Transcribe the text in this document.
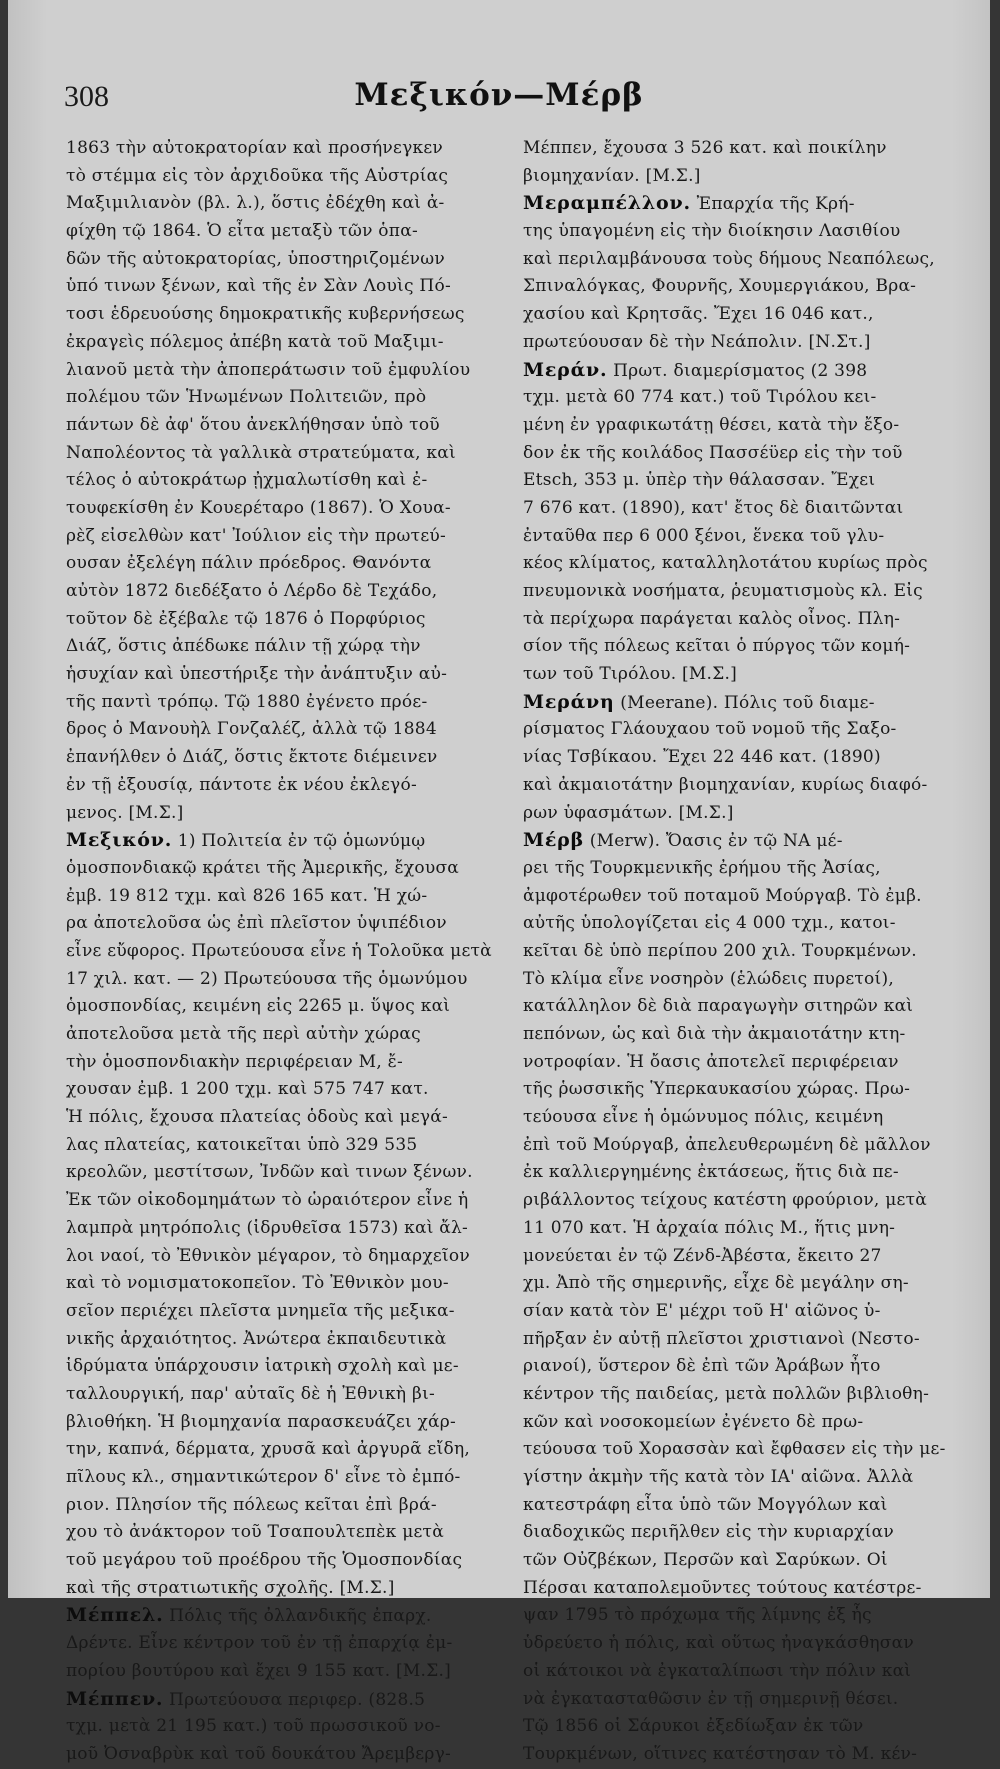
308	Μεξικόν—Μέρβ
1863 τὴν αὐτοκρατορίαν καὶ προσήνεγκεν
τὸ στέμμα εἰς τὸν ἀρχιδοῦκα τῆς Αὐστρίας
Μαξιμιλιανὸν (βλ. λ.), ὅστις ἐδέχθη καὶ ἀ-
φίχθη τῷ 1864. Ὁ εἶτα μεταξὺ τῶν ὁπα-
δῶν τῆς αὐτοκρατορίας, ὑποστηριζομένων
ὑπό τινων ξένων, καὶ τῆς ἐν Σὰν Λουὶς Πό-
τοσι ἑδρευούσης δημοκρατικῆς κυβερνήσεως
ἐκραγεὶς πόλεμος ἀπέβη κατὰ τοῦ Μαξιμι-
λιανοῦ μετὰ τὴν ἀποπεράτωσιν τοῦ ἐμφυλίου
πολέμου τῶν Ἡνωμένων Πολιτειῶν, πρὸ
πάντων δὲ ἀφ' ὅτου ἀνεκλήθησαν ὑπὸ τοῦ
Ναπολέοντος τὰ γαλλικὰ στρατεύματα, καὶ
τέλος ὁ αὐτοκράτωρ ᾐχμαλωτίσθη καὶ ἐ-
τουφεκίσθη ἐν Κουερέταρο (1867). Ὁ Χουα-
ρὲζ εἰσελθὼν κατ' Ἰούλιον εἰς τὴν πρωτεύ-
ουσαν ἐξελέγη πάλιν πρόεδρος. Θανόντα
αὐτὸν 1872 διεδέξατο ὁ Λέρδο δὲ Τεχάδο,
τοῦτον δὲ ἐξέβαλε τῷ 1876 ὁ Πορφύριος
Διάζ, ὅστις ἀπέδωκε πάλιν τῇ χώρᾳ τὴν
ἡσυχίαν καὶ ὑπεστήριξε τὴν ἀνάπτυξιν αὐ-
τῆς παντὶ τρόπῳ. Τῷ 1880 ἐγένετο πρόε-
δρος ὁ Μανουὴλ Γονζαλέζ, ἀλλὰ τῷ 1884
ἐπανήλθεν ὁ Διάζ, ὅστις ἔκτοτε διέμεινεν
ἐν τῇ ἐξουσίᾳ, πάντοτε ἐκ νέου ἐκλεγό-
μενος. [Μ.Σ.]
Μεξικόν. 1) Πολιτεία ἐν τῷ ὁμωνύμῳ
ὁμοσπονδιακῷ κράτει τῆς Ἀμερικῆς, ἔχουσα
ἐμβ. 19 812 τχμ. καὶ 826 165 κατ. Ἡ χώ-
ρα ἀποτελοῦσα ὡς ἐπὶ πλεῖστον ὑψιπέδιον
εἶνε εὔφορος. Πρωτεύουσα εἶνε ἡ Τολοῦκα μετὰ
17 χιλ. κατ. — 2) Πρωτεύουσα τῆς ὁμωνύμου
ὁμοσπονδίας, κειμένη εἰς 2265 μ. ὕψος καὶ
ἀποτελοῦσα μετὰ τῆς περὶ αὐτὴν χώρας
τὴν ὁμοσπονδιακὴν περιφέρειαν Μ, ἔ-
χουσαν ἐμβ. 1 200 τχμ. καὶ 575 747 κατ.
Ἡ πόλις, ἔχουσα πλατείας ὁδοὺς καὶ μεγά-
λας πλατείας, κατοικεῖται ὑπὸ 329 535
κρεολῶν, μεστίτσων, Ἰνδῶν καὶ τινων ξένων.
Ἐκ τῶν οἰκοδομημάτων τὸ ὡραιότερον εἶνε ἡ
λαμπρὰ μητρόπολις (ἱδρυθεῖσα 1573) καὶ ἄλ-
λοι ναοί, τὸ Ἐθνικὸν μέγαρον, τὸ δημαρχεῖον
καὶ τὸ νομισματοκοπεῖον. Τὸ Ἐθνικὸν μου-
σεῖον περιέχει πλεῖστα μνημεῖα τῆς μεξικα-
νικῆς ἀρχαιότητος. Ἀνώτερα ἐκπαιδευτικὰ
ἱδρύματα ὑπάρχουσιν ἰατρικὴ σχολὴ καὶ με-
ταλλουργική, παρ' αὐταῖς δὲ ἡ Ἐθνικὴ βι-
βλιοθήκη. Ἡ βιομηχανία παρασκευάζει χάρ-
την, καπνά, δέρματα, χρυσᾶ καὶ ἀργυρᾶ εἴδη,
πῖλους κλ., σημαντικώτερον δ' εἶνε τὸ ἐμπό-
ριον. Πλησίον τῆς πόλεως κεῖται ἐπὶ βρά-
χου τὸ ἀνάκτορον τοῦ Τσαπουλτεπὲκ μετὰ
τοῦ μεγάρου τοῦ προέδρου τῆς Ὁμοσπονδίας
καὶ τῆς στρατιωτικῆς σχολῆς. [Μ.Σ.]
Μέππελ. Πόλις τῆς ὀλλανδικῆς ἐπαρχ.
Δρέντε. Εἶνε κέντρον τοῦ ἐν τῇ ἐπαρχίᾳ ἐμ-
πορίου βουτύρου καὶ ἔχει 9 155 κατ. [Μ.Σ.]
Μέππεν. Πρωτεύουσα περιφερ. (828.5
τχμ. μετὰ 21 195 κατ.) τοῦ πρωσσικοῦ νο-
μοῦ Ὀσναβρὺκ καὶ τοῦ δουκάτου Ἄρεμβεργ-
Μέππεν, ἔχουσα 3 526 κατ. καὶ ποικίλην
βιομηχανίαν. [Μ.Σ.]
Μεραμπέλλον. Ἐπαρχία τῆς Κρή-
της ὑπαγομένη εἰς τὴν διοίκησιν Λασιθίου
καὶ περιλαμβάνουσα τοὺς δήμους Νεαπόλεως,
Σπιναλόγκας, Φουρνῆς, Χουμεργιάκου, Βρα-
χασίου καὶ Κρητσᾶς. Ἔχει 16 046 κατ.,
πρωτεύουσαν δὲ τὴν Νεάπολιν. [Ν.Στ.]
Μεράν. Πρωτ. διαμερίσματος (2 398
τχμ. μετὰ 60 774 κατ.) τοῦ Τιρόλου κει-
μένη ἐν γραφικωτάτῃ θέσει, κατὰ τὴν ἔξο-
δον ἐκ τῆς κοιλάδος Πασσέϋερ εἰς τὴν τοῦ
Etsch, 353 μ. ὑπὲρ τὴν θάλασσαν. Ἔχει
7 676 κατ. (1890), κατ' ἔτος δὲ διαιτῶνται
ἐνταῦθα περ 6 000 ξένοι, ἕνεκα τοῦ γλυ-
κέος κλίματος, καταλληλοτάτου κυρίως πρὸς
πνευμονικὰ νοσήματα, ῥευματισμοὺς κλ. Εἰς
τὰ περίχωρα παράγεται καλὸς οἶνος. Πλη-
σίον τῆς πόλεως κεῖται ὁ πύργος τῶν κομή-
των τοῦ Τιρόλου. [Μ.Σ.]
Μεράνη (Meerane). Πόλις τοῦ διαμε-
ρίσματος Γλάουχαου τοῦ νομοῦ τῆς Σαξο-
νίας Τσβίκαου. Ἔχει 22 446 κατ. (1890)
καὶ ἀκμαιοτάτην βιομηχανίαν, κυρίως διαφό-
ρων ὑφασμάτων. [Μ.Σ.]
Μέρβ (Merw). Ὄασις ἐν τῷ ΝΑ μέ-
ρει τῆς Τουρκμενικῆς ἐρήμου τῆς Ἀσίας,
ἀμφοτέρωθεν τοῦ ποταμοῦ Μούργαβ. Τὸ ἐμβ.
αὐτῆς ὑπολογίζεται εἰς 4 000 τχμ., κατοι-
κεῖται δὲ ὑπὸ περίπου 200 χιλ. Τουρκμένων.
Τὸ κλίμα εἶνε νοσηρὸν (ἑλώδεις πυρετοί),
κατάλληλον δὲ διὰ παραγωγὴν σιτηρῶν καὶ
πεπόνων, ὡς καὶ διὰ τὴν ἀκμαιοτάτην κτη-
νοτροφίαν. Ἡ ὄασις ἀποτελεῖ περιφέρειαν
τῆς ῥωσσικῆς Ὑπερκαυκασίου χώρας. Πρω-
τεύουσα εἶνε ἡ ὁμώνυμος πόλις, κειμένη
ἐπὶ τοῦ Μούργαβ, ἀπελευθερωμένη δὲ μᾶλλον
ἐκ καλλιεργημένης ἐκτάσεως, ἥτις διὰ πε-
ριβάλλοντος τείχους κατέστη φρούριον, μετὰ
11 070 κατ. Ἡ ἀρχαία πόλις Μ., ἥτις μνη-
μονεύεται ἐν τῷ Ζένδ-Ἀβέστα, ἔκειτο 27
χμ. Ἀπὸ τῆς σημερινῆς, εἶχε δὲ μεγάλην ση-
σίαν κατὰ τὸν Ε' μέχρι τοῦ Η' αἰῶνος ὑ-
πῆρξαν ἐν αὐτῇ πλεῖστοι χριστιανοὶ (Νεστο-
ριανοί), ὕστερον δὲ ἐπὶ τῶν Ἀράβων ἦτο
κέντρον τῆς παιδείας, μετὰ πολλῶν βιβλιοθη-
κῶν καὶ νοσοκομείων ἐγένετο δὲ πρω-
τεύουσα τοῦ Χορασσὰν καὶ ἔφθασεν εἰς τὴν με-
γίστην ἀκμὴν τῆς κατὰ τὸν ΙΑ' αἰῶνα. Ἀλλὰ
κατεστράφη εἶτα ὑπὸ τῶν Μογγόλων καὶ
διαδοχικῶς περιῆλθεν εἰς τὴν κυριαρχίαν
τῶν Οὐζβέκων, Περσῶν καὶ Σαρύκων. Οἱ
Πέρσαι καταπολεμοῦντες τούτους κατέστρε-
ψαν 1795 τὸ πρόχωμα τῆς λίμνης ἐξ ἧς
ὑδρεύετο ἡ πόλις, καὶ οὕτως ἠναγκάσθησαν
οἱ κάτοικοι νὰ ἐγκαταλίπωσι τὴν πόλιν καὶ
νὰ ἐγκατασταθῶσιν ἐν τῇ σημερινῇ θέσει.
Τῷ 1856 οἱ Σάρυκοι ἐξεδίωξαν ἐκ τῶν
Τουρκμένων, οἵτινες κατέστησαν τὸ Μ. κέν-
